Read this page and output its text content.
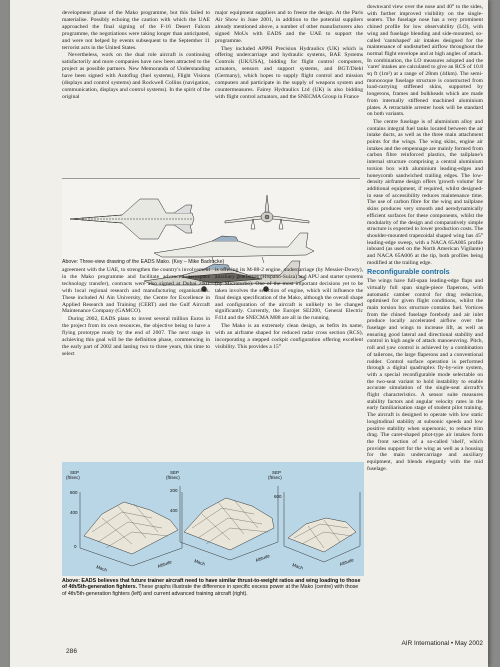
development phase of the Mako programme, but this failed to materialise. Possibly echoing the caution with which the UAE approached the final signing of the F-16 Desert Falcon programme, the negotiations were taking longer than anticipated, and were not helped by events subsequent to the September 11 terrorist acts in the United States.

Nevertheless, work on the dual role aircraft is continuing satisfactorily and more companies have now been attracted to the project as possible partners. New Memoranda of Understanding have been signed with Autoflug (fuel systems), Flight Visions (displays and control systems) and Rockwell Collins (navigation, communication, displays and control systems). In the spirit of the original

major equipment suppliers and to freeze the design. At the Paris Air Show in June 2001, in addition to the potential suppliers already mentioned above, a number of other manufacturers also signed MoUs with EADS and the UAE to support the programme.

They included APPH Precision Hydraulics (UK) which is offering undercarriage and hydraulic systems, BAE Systems Controls (UK/USA), bidding for flight control computers, actuators, sensors and support systems, and BGT/Diehl (Germany), which hopes to supply flight control and mission computers and participate in the supply of weapons system and countermeasures. Fairey Hydraulics Ltd (UK) is also bidding with flight control actuators, and the SNECMA Group in France

downward view over the nose and 40° to the sides, with further improved visibility on the single-seaters. The fuselage nose has a very prominent chined profile for low observability (LO), with wing and fuselage blending and side-mounted, so-called 'cantshaped' air intakes designed for the maintenance of undisturbed airflow throughout the normal flight envelope and at high angles of attack. In combination, the LO measures adopted and the 'caret' intakes are calculated to give an RCS of 10.8 sq ft (1m²) at a range of 28nm (44km). The semi-monocoque fuselage structure is constructed from load-carrying stiffened skins, supported by longerons, frames and bulkheads which are made from internally stiffened machined aluminium plates. A retractable arrester hook will be standard on both variants.

The centre fuselage is of aluminium alloy and contains integral fuel tanks located between the air intake ducts, as well as the three main attachment points for the wings. The wing skins, engine air intakes and the empennage are mainly formed from carbon fibre reinforced plastics, the tailplane's internal structure comprising a central aluminium torsion box with aluminium leading-edges and honeycomb sandwiched trailing edges. The low-density airframe design offers 'growth volume' for additional equipment, if required, whilst designed-in ease of accessibility reduces maintenance time. The use of carbon fibre for the wing and tailplane skins produces very smooth and aerodynamically efficient surfaces for these components, whilst the modularity of the design and comparatively simple structure is expected to lower production costs. The shoulder-mounted trapezoidal shaped wing has 45° leading-edge sweep, with a NACA 65A005 profile inboard (as used on the North American Vigilante) and NACA 65A006 at the tip, both profiles being modified at the trailing edge.

Reconfigurable controls

The wings have full-span leading-edge flaps and virtually full span single-piece flaperons, with automatic camber control for drag reduction, optimised for given flight conditions, whilst the main torsion box structure contains fuel. Vortices from the chined fuselage forebody and air inlet produce locally accelerated airflow over the fuselage and wings to increase lift, as well as ensuring good lateral and directional stability and control in high angle of attack manoeuvring. Pitch, roll and yaw control is achieved by a combination of tailerons, the large flaperons and a conventional rudder. Control surface operation is performed through a digital quadruplex fly-by-wire system, with a special reconfigurable mode selectable on the two-seat variant to hold instability to enable accurate simulation of the single-seat aircraft's flight characteristics. A sensor suite measures stability factors and angular velocity rates in the early familiarisation stage of student pilot training. The aircraft is designed to operate with low static longitudinal stability at subsonic speeds and low positive stability when supersonic, to reduce trim drag. The caret-shaped pitot-type air intakes form the front section of a so-called 'shell', which provides support for the wing as well as a housing for the main undercarriage and auxiliary equipment, and blends elegantly with the mid fuselage.

Above: Three-view drawing of the EADS Mako. (Key – Mike Badrocke)

agreement with the UAE, to strengthen the country's involvement in the Mako programme and facilitate advanced aerospace technology transfer), contracts were also signed at Dubai 2001 with local regional research and manufacturing organisations. These included Al Ain University, the Centre for Excellence in Applied Research and Training (CERT) and the Gulf Aircraft Maintenance Company (GAMCO).

During 2002, EADS plans to invest several million Euros in the project from its own resources, the objective being to have a flying prototype ready by the end of 2007. The next stage in achieving this goal will be the definition phase, commencing in the early part of 2002 and lasting two to three years, this time to select

is offering its M-88-2 engine, undercarriage (by Messier-Dowty), auxiliary gearboxes (Hispano-Suiza) and APU and starter systems (by Microturbo). One of the most important decisions yet to be taken involves the selection of engine, which will influence the final design specification of the Mako, although the overall shape and configuration of the aircraft is unlikely to be changed significantly. Currently, the Eurojet SEJ200, General Electric F414 and the SNECMA M88 are all in the running.

The Mako is an extremely clean design, as befits its name, with an airframe shaped for reduced radar cross section (RCS), incorporating a stepped cockpit configuration offering excellent visibility. This provides a 15°

SEP
(ft/sec)
800
400
0
Mach	Altitude
SEP
(ft/sec)
200
400
Mach	Altitude
SEP
(ft/sec)
600
Mach	Altitude
Above: EADS believes that future trainer aircraft need to have similar thrust-to-weight ratios and wing loading to those of 4th/5th-generation fighters. These graphs illustrate the difference in specific excess power at the Mako (centre) with those of 4th/5th-generation fighters (left) and current advanced training aircraft (right).
286
AIR International • May 2002
